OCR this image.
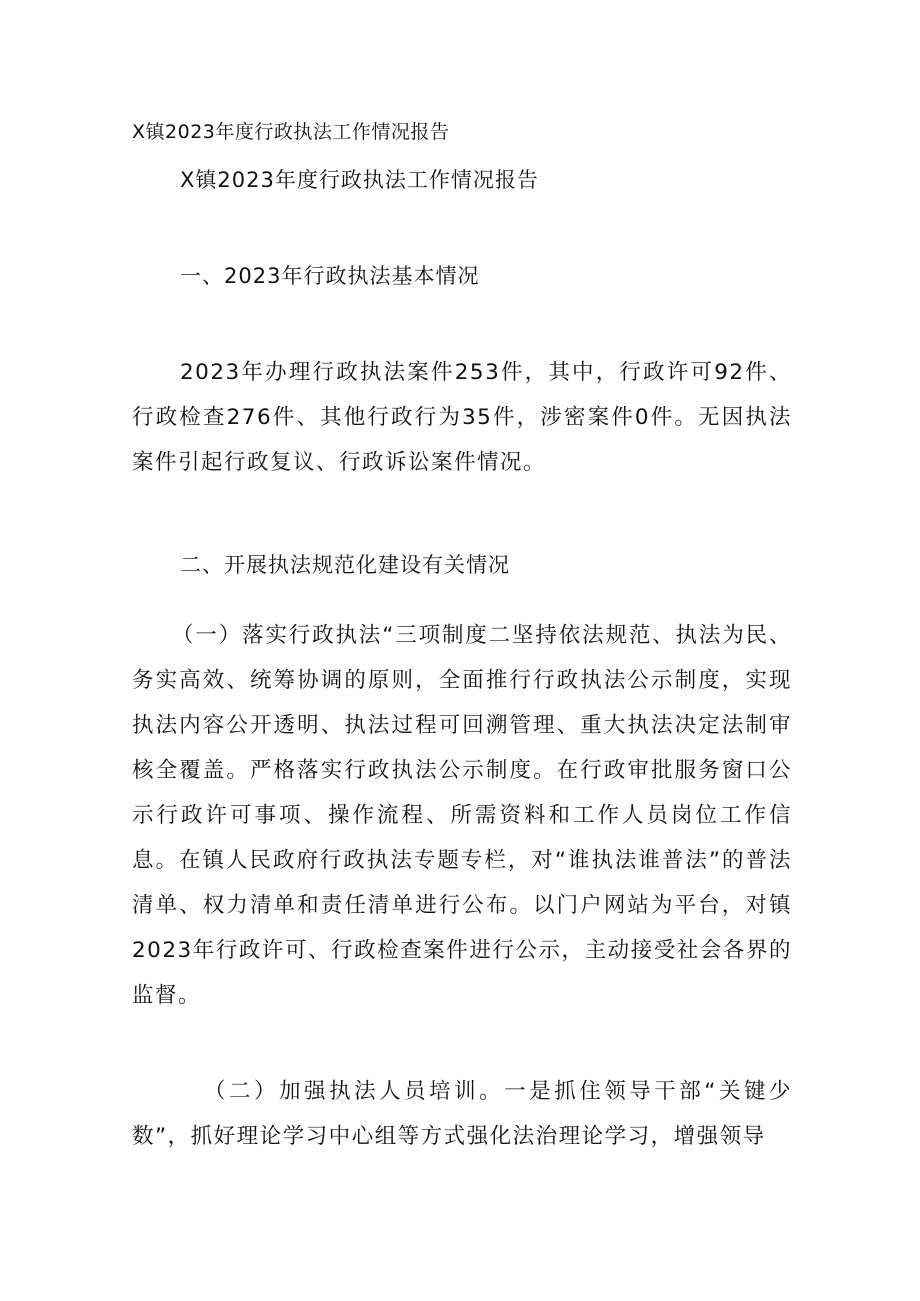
X镇2023年度行政执法工作情况报告
X镇2023年度行政执法工作情况报告
一、2023年行政执法基本情况

2023年办理行政执法案件253件，其中，行政许可92件、行政检查276件、其他行政行为35件，涉密案件0件。无因执法案件引起行政复议、行政诉讼案件情况。

二、开展执法规范化建设有关情况

（一）落实行政执法“三项制度二坚持依法规范、执法为民、务实高效、统筹协调的原则，全面推行行政执法公示制度，实现执法内容公开透明、执法过程可回溯管理、重大执法决定法制审核全覆盖。严格落实行政执法公示制度。在行政审批服务窗口公示行政许可事项、操作流程、所需资料和工作人员岗位工作信息。在镇人民政府行政执法专题专栏，对“谁执法谁普法”的普法清单、权力清单和责任清单进行公布。以门户网站为平台，对镇2023年行政许可、行政检查案件进行公示，主动接受社会各界的监督。

（二）加强执法人员培训。一是抓住领导干部“关键少数”，抓好理论学习中心组等方式强化法治理论学习，增强领导
